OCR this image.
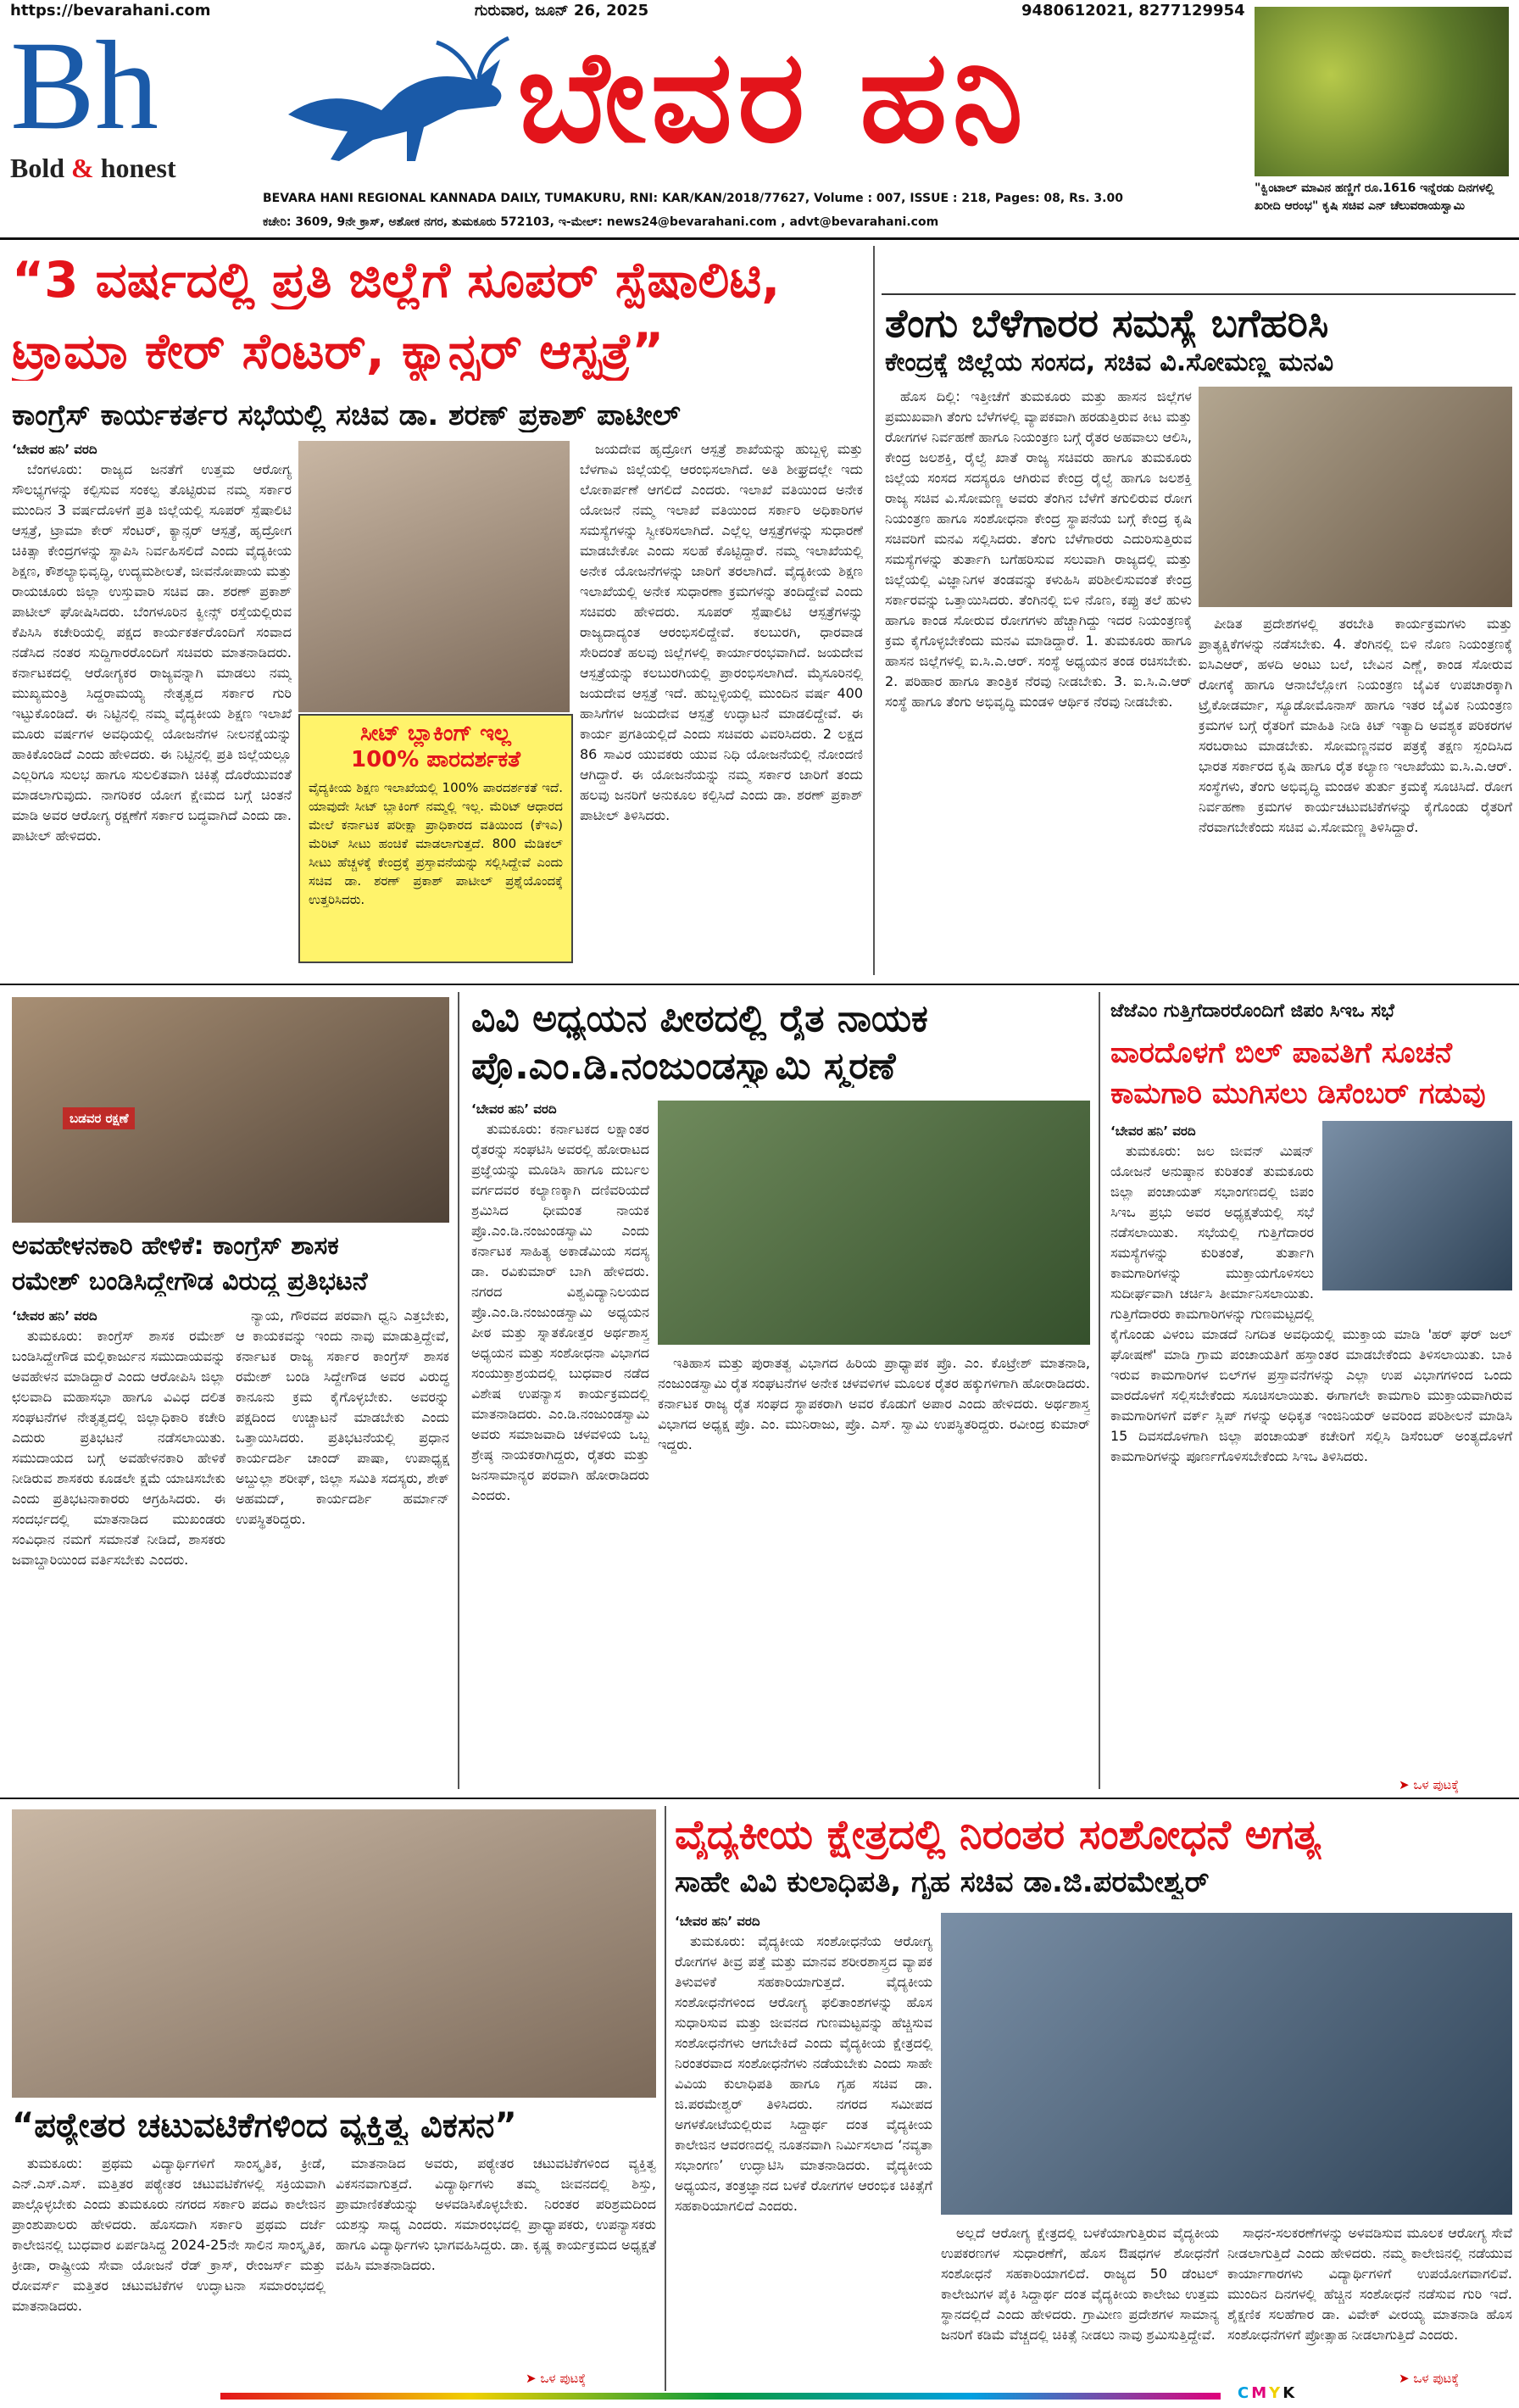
https://bevarahani.com	ಗುರುವಾರ, ಜೂನ್ 26, 2025	9480612021, 8277129954
Bh
Bold & honest	ಬೇವರ ಹನಿ
BEVARA HANI REGIONAL KANNADA DAILY, TUMAKURU, RNI: KAR/KAN/2018/77627, Volume : 007, ISSUE : 218, Pages: 08, Rs. 3.00
ಕಚೇರಿ: 3609, 9ನೇ ಕ್ರಾಸ್, ಅಶೋಕ ನಗರ, ತುಮಕೂರು 572103, ಇ-ಮೇಲ್: news24@bevarahani.com , advt@bevarahani.com
"ಕ್ವಿಂಟಾಲ್ ಮಾವಿನ ಹಣ್ಣಿಗೆ ರೂ.1616 ಇನ್ನೆರಡು ದಿನಗಳಲ್ಲಿ ಖರೀದಿ ಆರಂಭ" ಕೃಷಿ ಸಚಿವ ಎನ್ ಚೆಲುವರಾಯಸ್ವಾಮಿ
“3 ವರ್ಷದಲ್ಲಿ ಪ್ರತಿ ಜಿಲ್ಲೆಗೆ ಸೂಪರ್ ಸ್ಪೆಷಾಲಿಟಿ,
ಟ್ರಾಮಾ ಕೇರ್ ಸೆಂಟರ್, ಕ್ಯಾನ್ಸರ್ ಆಸ್ಪತ್ರೆ”
ಕಾಂಗ್ರೆಸ್ ಕಾರ್ಯಕರ್ತರ ಸಭೆಯಲ್ಲಿ ಸಚಿವ ಡಾ. ಶರಣ್ ಪ್ರಕಾಶ್ ಪಾಟೀಲ್
‘ಬೇವರ ಹನಿ’ ವರದಿ

ಬೆಂಗಳೂರು: ರಾಜ್ಯದ ಜನತೆಗೆ ಉತ್ತಮ ಆರೋಗ್ಯ ಸೌಲಭ್ಯಗಳನ್ನು ಕಲ್ಪಿಸುವ ಸಂಕಲ್ಪ ತೊಟ್ಟಿರುವ ನಮ್ಮ ಸರ್ಕಾರ ಮುಂದಿನ 3 ವರ್ಷದೊಳಗೆ ಪ್ರತಿ ಜಿಲ್ಲೆಯಲ್ಲಿ ಸೂಪರ್ ಸ್ಪೆಷಾಲಿಟಿ ಆಸ್ಪತ್ರೆ, ಟ್ರಾಮಾ ಕೇರ್ ಸೆಂಟರ್, ಕ್ಯಾನ್ಸರ್ ಆಸ್ಪತ್ರೆ, ಹೃದ್ರೋಗ ಚಿಕಿತ್ಸಾ ಕೇಂದ್ರಗಳನ್ನು ಸ್ಥಾಪಿಸಿ ನಿರ್ವಹಿಸಲಿದೆ ಎಂದು ವೈದ್ಯಕೀಯ ಶಿಕ್ಷಣ, ಕೌಶಲ್ಯಾಭಿವೃದ್ಧಿ, ಉದ್ಯಮಶೀಲತೆ, ಜೀವನೋಪಾಯ ಮತ್ತು ರಾಯಚೂರು ಜಿಲ್ಲಾ ಉಸ್ತುವಾರಿ ಸಚಿವ ಡಾ. ಶರಣ್ ಪ್ರಕಾಶ್ ಪಾಟೀಲ್ ಘೋಷಿಸಿದರು. ಬೆಂಗಳೂರಿನ ಕ್ವೀನ್ಸ್ ರಸ್ತೆಯಲ್ಲಿರುವ ಕೆಪಿಸಿಸಿ ಕಚೇರಿಯಲ್ಲಿ ಪಕ್ಷದ ಕಾರ್ಯಕರ್ತರೊಂದಿಗೆ ಸಂವಾದ ನಡೆಸಿದ ನಂತರ ಸುದ್ದಿಗಾರರೊಂದಿಗೆ ಸಚಿವರು ಮಾತನಾಡಿದರು. ಕರ್ನಾಟಕದಲ್ಲಿ ಆರೋಗ್ಯಕರ ರಾಜ್ಯವನ್ನಾಗಿ ಮಾಡಲು ನಮ್ಮ ಮುಖ್ಯಮಂತ್ರಿ ಸಿದ್ದರಾಮಯ್ಯ ನೇತೃತ್ವದ ಸರ್ಕಾರ ಗುರಿ ಇಟ್ಟುಕೊಂಡಿದೆ. ಈ ನಿಟ್ಟಿನಲ್ಲಿ ನಮ್ಮ ವೈದ್ಯಕೀಯ ಶಿಕ್ಷಣ ಇಲಾಖೆ ಮೂರು ವರ್ಷಗಳ ಅವಧಿಯಲ್ಲಿ ಯೋಜನೆಗಳ ನೀಲನಕ್ಷೆಯನ್ನು ಹಾಕಿಕೊಂಡಿದೆ ಎಂದು ಹೇಳಿದರು. ಈ ನಿಟ್ಟಿನಲ್ಲಿ ಪ್ರತಿ ಜಿಲ್ಲೆಯಲ್ಲೂ ಎಲ್ಲರಿಗೂ ಸುಲಭ ಹಾಗೂ ಸುಲಲಿತವಾಗಿ ಚಿಕಿತ್ಸೆ ದೊರೆಯುವಂತೆ ಮಾಡಲಾಗುವುದು. ನಾಗರಿಕರ ಯೋಗ ಕ್ಷೇಮದ ಬಗ್ಗೆ ಚಿಂತನೆ ಮಾಡಿ ಅವರ ಆರೋಗ್ಯ ರಕ್ಷಣೆಗೆ ಸರ್ಕಾರ ಬದ್ಧವಾಗಿದೆ ಎಂದು ಡಾ. ಪಾಟೀಲ್ ಹೇಳಿದರು.

ಸೀಟ್ ಬ್ಲಾಕಿಂಗ್ ಇಲ್ಲ
100% ಪಾರದರ್ಶಕತೆ
ವೈದ್ಯಕೀಯ ಶಿಕ್ಷಣ ಇಲಾಖೆಯಲ್ಲಿ 100% ಪಾರದರ್ಶಕತೆ ಇದೆ. ಯಾವುದೇ ಸೀಟ್ ಬ್ಲಾಕಿಂಗ್ ನಮ್ಮಲ್ಲಿ ಇಲ್ಲ. ಮೆರಿಟ್ ಆಧಾರದ ಮೇಲೆ ಕರ್ನಾಟಕ ಪರೀಕ್ಷಾ ಪ್ರಾಧಿಕಾರದ ವತಿಯಿಂದ (ಕೆಇಎ) ಮೆರಿಟ್ ಸೀಟು ಹಂಚಿಕೆ ಮಾಡಲಾಗುತ್ತದೆ. 800 ಮೆಡಿಕಲ್ ಸೀಟು ಹೆಚ್ಚಳಕ್ಕೆ ಕೇಂದ್ರಕ್ಕೆ ಪ್ರಸ್ತಾವನೆಯನ್ನು ಸಲ್ಲಿಸಿದ್ದೇವೆ ಎಂದು ಸಚಿವ ಡಾ. ಶರಣ್ ಪ್ರಕಾಶ್ ಪಾಟೀಲ್ ಪ್ರಶ್ನೆಯೊಂದಕ್ಕೆ ಉತ್ತರಿಸಿದರು.

ಜಯದೇವ ಹೃದ್ರೋಗ ಆಸ್ಪತ್ರೆ ಶಾಖೆಯನ್ನು ಹುಬ್ಬಳ್ಳಿ ಮತ್ತು ಬೆಳಗಾವಿ ಜಿಲ್ಲೆಯಲ್ಲಿ ಆರಂಭಿಸಲಾಗಿದೆ. ಅತಿ ಶೀಘ್ರದಲ್ಲೇ ಇದು ಲೋಕಾರ್ಪಣೆ ಆಗಲಿದೆ ಎಂದರು. ಇಲಾಖೆ ವತಿಯಿಂದ ಅನೇಕ ಯೋಜನೆ ನಮ್ಮ ಇಲಾಖೆ ವತಿಯಿಂದ ಸರ್ಕಾರಿ ಅಧಿಕಾರಿಗಳ ಸಮಸ್ಯೆಗಳನ್ನು ಸ್ವೀಕರಿಸಲಾಗಿದೆ. ಎಲ್ಲೆಲ್ಲ ಆಸ್ಪತ್ರೆಗಳನ್ನು ಸುಧಾರಣೆ ಮಾಡಬೇಕೋ ಎಂದು ಸಲಹೆ ಕೊಟ್ಟಿದ್ದಾರೆ. ನಮ್ಮ ಇಲಾಖೆಯಲ್ಲಿ ಅನೇಕ ಯೋಜನೆಗಳನ್ನು ಜಾರಿಗೆ ತರಲಾಗಿದೆ. ವೈದ್ಯಕೀಯ ಶಿಕ್ಷಣ ಇಲಾಖೆಯಲ್ಲಿ ಅನೇಕ ಸುಧಾರಣಾ ಕ್ರಮಗಳನ್ನು ತಂದಿದ್ದೇವೆ ಎಂದು ಸಚಿವರು ಹೇಳಿದರು. ಸೂಪರ್ ಸ್ಪೆಷಾಲಿಟಿ ಆಸ್ಪತ್ರೆಗಳನ್ನು ರಾಜ್ಯದಾದ್ಯಂತ ಆರಂಭಿಸಲಿದ್ದೇವೆ. ಕಲಬುರಗಿ, ಧಾರವಾಡ ಸೇರಿದಂತೆ ಹಲವು ಜಿಲ್ಲೆಗಳಲ್ಲಿ ಕಾರ್ಯಾರಂಭವಾಗಿದೆ. ಜಯದೇವ ಆಸ್ಪತ್ರೆಯನ್ನು ಕಲಬುರಗಿಯಲ್ಲಿ ಪ್ರಾರಂಭಿಸಲಾಗಿದೆ. ಮೈಸೂರಿನಲ್ಲಿ ಜಯದೇವ ಆಸ್ಪತ್ರೆ ಇದೆ. ಹುಬ್ಬಳ್ಳಿಯಲ್ಲಿ ಮುಂದಿನ ವರ್ಷ 400 ಹಾಸಿಗೆಗಳ ಜಯದೇವ ಆಸ್ಪತ್ರೆ ಉದ್ಘಾಟನೆ ಮಾಡಲಿದ್ದೇವೆ. ಈ ಕಾರ್ಯ ಪ್ರಗತಿಯಲ್ಲಿದೆ ಎಂದು ಸಚಿವರು ವಿವರಿಸಿದರು. 2 ಲಕ್ಷದ 86 ಸಾವಿರ ಯುವಕರು ಯುವ ನಿಧಿ ಯೋಜನೆಯಲ್ಲಿ ನೋಂದಣಿ ಆಗಿದ್ದಾರೆ. ಈ ಯೋಜನೆಯನ್ನು ನಮ್ಮ ಸರ್ಕಾರ ಜಾರಿಗೆ ತಂದು ಹಲವು ಜನರಿಗೆ ಅನುಕೂಲ ಕಲ್ಪಿಸಿದೆ ಎಂದು ಡಾ. ಶರಣ್ ಪ್ರಕಾಶ್ ಪಾಟೀಲ್ ತಿಳಿಸಿದರು.

ತೆಂಗು ಬೆಳೆಗಾರರ ಸಮಸ್ಯೆ ಬಗೆಹರಿಸಿ
ಕೇಂದ್ರಕ್ಕೆ ಜಿಲ್ಲೆಯ ಸಂಸದ, ಸಚಿವ ವಿ.ಸೋಮಣ್ಣ ಮನವಿ

ಹೊಸ ದಿಲ್ಲಿ: ಇತ್ತೀಚೆಗೆ ತುಮಕೂರು ಮತ್ತು ಹಾಸನ ಜಿಲ್ಲೆಗಳ ಪ್ರಮುಖವಾಗಿ ತೆಂಗು ಬೆಳೆಗಳಲ್ಲಿ ವ್ಯಾಪಕವಾಗಿ ಹರಡುತ್ತಿರುವ ಕೀಟ ಮತ್ತು ರೋಗಗಳ ನಿರ್ವಹಣೆ ಹಾಗೂ ನಿಯಂತ್ರಣ ಬಗ್ಗೆ ರೈತರ ಅಹವಾಲು ಆಲಿಸಿ, ಕೇಂದ್ರ ಜಲಶಕ್ತಿ, ರೈಲ್ವೆ ಖಾತೆ ರಾಜ್ಯ ಸಚಿವರು ಹಾಗೂ ತುಮಕೂರು ಜಿಲ್ಲೆಯ ಸಂಸದ ಸದಸ್ಯರೂ ಆಗಿರುವ ಕೇಂದ್ರ ರೈಲ್ವೆ ಹಾಗೂ ಜಲಶಕ್ತಿ ರಾಜ್ಯ ಸಚಿವ ವಿ.ಸೋಮಣ್ಣ ಅವರು ತೆಂಗಿನ ಬೆಳೆಗೆ ತಗುಲಿರುವ ರೋಗ ನಿಯಂತ್ರಣ ಹಾಗೂ ಸಂಶೋಧನಾ ಕೇಂದ್ರ ಸ್ಥಾಪನೆಯ ಬಗ್ಗೆ ಕೇಂದ್ರ ಕೃಷಿ ಸಚಿವರಿಗೆ ಮನವಿ ಸಲ್ಲಿಸಿದರು. ತೆಂಗು ಬೆಳೆಗಾರರು ಎದುರಿಸುತ್ತಿರುವ ಸಮಸ್ಯೆಗಳನ್ನು ತುರ್ತಾಗಿ ಬಗೆಹರಿಸುವ ಸಲುವಾಗಿ ರಾಜ್ಯದಲ್ಲಿ ಮತ್ತು ಜಿಲ್ಲೆಯಲ್ಲಿ ವಿಜ್ಞಾನಿಗಳ ತಂಡವನ್ನು ಕಳುಹಿಸಿ ಪರಿಶೀಲಿಸುವಂತೆ ಕೇಂದ್ರ ಸರ್ಕಾರವನ್ನು ಒತ್ತಾಯಿಸಿದರು. ತೆಂಗಿನಲ್ಲಿ ಬಿಳಿ ನೊಣ, ಕಪ್ಪು ತಲೆ ಹುಳು ಹಾಗೂ ಕಾಂಡ ಸೋರುವ ರೋಗಗಳು ಹೆಚ್ಚಾಗಿದ್ದು ಇದರ ನಿಯಂತ್ರಣಕ್ಕೆ ಕ್ರಮ ಕೈಗೊಳ್ಳಬೇಕೆಂದು ಮನವಿ ಮಾಡಿದ್ದಾರೆ. 1. ತುಮಕೂರು ಹಾಗೂ ಹಾಸನ ಜಿಲ್ಲೆಗಳಲ್ಲಿ ಐ.ಸಿ.ಎ.ಆರ್. ಸಂಸ್ಥೆ ಅಧ್ಯಯನ ತಂಡ ರಚಿಸಬೇಕು. 2. ಪರಿಹಾರ ಹಾಗೂ ತಾಂತ್ರಿಕ ನೆರವು ನೀಡಬೇಕು. 3. ಐ.ಸಿ.ಎ.ಆರ್ ಸಂಸ್ಥೆ ಹಾಗೂ ತೆಂಗು ಅಭಿವೃದ್ಧಿ ಮಂಡಳಿ ಆರ್ಥಿಕ ನೆರವು ನೀಡಬೇಕು.

ಪೀಡಿತ ಪ್ರದೇಶಗಳಲ್ಲಿ ತರಬೇತಿ ಕಾರ್ಯಕ್ರಮಗಳು ಮತ್ತು ಪ್ರಾತ್ಯಕ್ಷಿಕೆಗಳನ್ನು ನಡೆಸಬೇಕು. 4. ತೆಂಗಿನಲ್ಲಿ ಬಿಳಿ ನೊಣ ನಿಯಂತ್ರಣಕ್ಕೆ ಐಸಿಎಆರ್, ಹಳದಿ ಅಂಟು ಬಲೆ, ಬೇವಿನ ಎಣ್ಣೆ, ಕಾಂಡ ಸೋರುವ ರೋಗಕ್ಕೆ ಹಾಗೂ ಆನಾಬೆಲ್ಲೋಗ ನಿಯಂತ್ರಣ ಜೈವಿಕ ಉಪಚಾರಕ್ಕಾಗಿ ಟ್ರೈಕೋಡರ್ಮಾ, ಸ್ಯೂಡೋಮೊನಾಸ್ ಹಾಗೂ ಇತರ ಜೈವಿಕ ನಿಯಂತ್ರಣ ಕ್ರಮಗಳ ಬಗ್ಗೆ ರೈತರಿಗೆ ಮಾಹಿತಿ ನೀಡಿ ಕಿಟ್ ಇತ್ಯಾದಿ ಅವಶ್ಯಕ ಪರಿಕರಗಳ ಸರಬರಾಜು ಮಾಡಬೇಕು. ಸೋಮಣ್ಣನವರ ಪತ್ರಕ್ಕೆ ತಕ್ಷಣ ಸ್ಪಂದಿಸಿದ ಭಾರತ ಸರ್ಕಾರದ ಕೃಷಿ ಹಾಗೂ ರೈತ ಕಲ್ಯಾಣ ಇಲಾಖೆಯು ಐ.ಸಿ.ಎ.ಆರ್. ಸಂಸ್ಥೆಗಳು, ತೆಂಗು ಅಭಿವೃದ್ಧಿ ಮಂಡಳಿ ತುರ್ತು ಕ್ರಮಕ್ಕೆ ಸೂಚಿಸಿದೆ. ರೋಗ ನಿರ್ವಹಣಾ ಕ್ರಮಗಳ ಕಾರ್ಯಚಟುವಟಿಕೆಗಳನ್ನು ಕೈಗೊಂಡು ರೈತರಿಗೆ ನೆರವಾಗಬೇಕೆಂದು ಸಚಿವ ವಿ.ಸೋಮಣ್ಣ ತಿಳಿಸಿದ್ದಾರೆ.

ಬಡವರ ರಕ್ಷಣೆ
ಅವಹೇಳನಕಾರಿ ಹೇಳಿಕೆ: ಕಾಂಗ್ರೆಸ್ ಶಾಸಕ
ರಮೇಶ್ ಬಂಡಿಸಿದ್ದೇಗೌಡ ವಿರುದ್ಧ ಪ್ರತಿಭಟನೆ
‘ಬೇವರ ಹನಿ’ ವರದಿ

ತುಮಕೂರು: ಕಾಂಗ್ರೆಸ್ ಶಾಸಕ ರಮೇಶ್ ಬಂಡಿಸಿದ್ದೇಗೌಡ ಮಲ್ಲಿಕಾರ್ಜುನ ಸಮುದಾಯವನ್ನು ಅವಹೇಳನ ಮಾಡಿದ್ದಾರೆ ಎಂದು ಆರೋಪಿಸಿ ಜಿಲ್ಲಾ ಛಲವಾದಿ ಮಹಾಸಭಾ ಹಾಗೂ ವಿವಿಧ ದಲಿತ ಸಂಘಟನೆಗಳ ನೇತೃತ್ವದಲ್ಲಿ ಜಿಲ್ಲಾಧಿಕಾರಿ ಕಚೇರಿ ಎದುರು ಪ್ರತಿಭಟನೆ ನಡೆಸಲಾಯಿತು. ಸಮುದಾಯದ ಬಗ್ಗೆ ಅವಹೇಳನಕಾರಿ ಹೇಳಿಕೆ ನೀಡಿರುವ ಶಾಸಕರು ಕೂಡಲೇ ಕ್ಷಮೆ ಯಾಚಿಸಬೇಕು ಎಂದು ಪ್ರತಿಭಟನಾಕಾರರು ಆಗ್ರಹಿಸಿದರು. ಈ ಸಂದರ್ಭದಲ್ಲಿ ಮಾತನಾಡಿದ ಮುಖಂಡರು ಸಂವಿಧಾನ ನಮಗೆ ಸಮಾನತೆ ನೀಡಿದೆ, ಶಾಸಕರು ಜವಾಬ್ದಾರಿಯಿಂದ ವರ್ತಿಸಬೇಕು ಎಂದರು.

ನ್ಯಾಯ, ಗೌರವದ ಪರವಾಗಿ ಧ್ವನಿ ಎತ್ತಬೇಕು, ಆ ಕಾಯಕವನ್ನು ಇಂದು ನಾವು ಮಾಡುತ್ತಿದ್ದೇವೆ, ಕರ್ನಾಟಕ ರಾಜ್ಯ ಸರ್ಕಾರ ಕಾಂಗ್ರೆಸ್ ಶಾಸಕ ರಮೇಶ್ ಬಂಡಿ ಸಿದ್ದೇಗೌಡ ಅವರ ವಿರುದ್ಧ ಕಾನೂನು ಕ್ರಮ ಕೈಗೊಳ್ಳಬೇಕು. ಅವರನ್ನು ಪಕ್ಷದಿಂದ ಉಚ್ಚಾಟನೆ ಮಾಡಬೇಕು ಎಂದು ಒತ್ತಾಯಿಸಿದರು. ಪ್ರತಿಭಟನೆಯಲ್ಲಿ ಪ್ರಧಾನ ಕಾರ್ಯದರ್ಶಿ ಚಾಂದ್ ಪಾಷಾ, ಉಪಾಧ್ಯಕ್ಷ ಅಬ್ದುಲ್ಲಾ ಶರೀಫ್, ಜಿಲ್ಲಾ ಸಮಿತಿ ಸದಸ್ಯರು, ಶೇಕ್ ಅಹಮದ್, ಕಾರ್ಯದರ್ಶಿ ಹರ್ಮಾನ್ ಉಪಸ್ಥಿತರಿದ್ದರು.

ವಿವಿ ಅಧ್ಯಯನ ಪೀಠದಲ್ಲಿ ರೈತ ನಾಯಕ
ಪ್ರೊ.ಎಂ.ಡಿ.ನಂಜುಂಡಸ್ವಾಮಿ ಸ್ಮರಣೆ
‘ಬೇವರ ಹನಿ’ ವರದಿ

ತುಮಕೂರು: ಕರ್ನಾಟಕದ ಲಕ್ಷಾಂತರ ರೈತರನ್ನು ಸಂಘಟಿಸಿ ಅವರಲ್ಲಿ ಹೋರಾಟದ ಪ್ರಜ್ಞೆಯನ್ನು ಮೂಡಿಸಿ ಹಾಗೂ ದುರ್ಬಲ ವರ್ಗದವರ ಕಲ್ಯಾಣಕ್ಕಾಗಿ ದಣಿವರಿಯದೆ ಶ್ರಮಿಸಿದ ಧೀಮಂತ ನಾಯಕ ಪ್ರೊ.ಎಂ.ಡಿ.ನಂಜುಂಡಸ್ವಾಮಿ ಎಂದು ಕರ್ನಾಟಕ ಸಾಹಿತ್ಯ ಅಕಾಡೆಮಿಯ ಸದಸ್ಯ ಡಾ. ರವಿಕುಮಾರ್ ಬಾಗಿ ಹೇಳಿದರು. ನಗರದ ವಿಶ್ವವಿದ್ಯಾನಿಲಯದ ಪ್ರೊ.ಎಂ.ಡಿ.ನಂಜುಂಡಸ್ವಾಮಿ ಅಧ್ಯಯನ ಪೀಠ ಮತ್ತು ಸ್ನಾತಕೋತ್ತರ ಅರ್ಥಶಾಸ್ತ್ರ ಅಧ್ಯಯನ ಮತ್ತು ಸಂಶೋಧನಾ ವಿಭಾಗದ ಸಂಯುಕ್ತಾಶ್ರಯದಲ್ಲಿ ಬುಧವಾರ ನಡೆದ ವಿಶೇಷ ಉಪನ್ಯಾಸ ಕಾರ್ಯಕ್ರಮದಲ್ಲಿ ಮಾತನಾಡಿದರು. ಎಂ.ಡಿ.ನಂಜುಂಡಸ್ವಾಮಿ ಅವರು ಸಮಾಜವಾದಿ ಚಳವಳಿಯ ಒಬ್ಬ ಶ್ರೇಷ್ಠ ನಾಯಕರಾಗಿದ್ದರು, ರೈತರು ಮತ್ತು ಜನಸಾಮಾನ್ಯರ ಪರವಾಗಿ ಹೋರಾಡಿದರು ಎಂದರು.

ಇತಿಹಾಸ ಮತ್ತು ಪುರಾತತ್ವ ವಿಭಾಗದ ಹಿರಿಯ ಪ್ರಾಧ್ಯಾಪಕ ಪ್ರೊ. ಎಂ. ಕೊಟ್ರೇಶ್ ಮಾತನಾಡಿ, ನಂಜುಂಡಸ್ವಾಮಿ ರೈತ ಸಂಘಟನೆಗಳ ಅನೇಕ ಚಳವಳಿಗಳ ಮೂಲಕ ರೈತರ ಹಕ್ಕುಗಳಿಗಾಗಿ ಹೋರಾಡಿದರು. ಕರ್ನಾಟಕ ರಾಜ್ಯ ರೈತ ಸಂಘದ ಸ್ಥಾಪಕರಾಗಿ ಅವರ ಕೊಡುಗೆ ಅಪಾರ ಎಂದು ಹೇಳಿದರು. ಅರ್ಥಶಾಸ್ತ್ರ ವಿಭಾಗದ ಅಧ್ಯಕ್ಷ ಪ್ರೊ. ಎಂ. ಮುನಿರಾಜು, ಪ್ರೊ. ಎಸ್. ಸ್ವಾಮಿ ಉಪಸ್ಥಿತರಿದ್ದರು. ರವೀಂದ್ರ ಕುಮಾರ್ ಇದ್ದರು.

ಜೆಜೆಎಂ ಗುತ್ತಿಗೆದಾರರೊಂದಿಗೆ ಜಿಪಂ ಸಿಇಒ ಸಭೆ
ವಾರದೊಳಗೆ ಬಿಲ್ ಪಾವತಿಗೆ ಸೂಚನೆ
ಕಾಮಗಾರಿ ಮುಗಿಸಲು ಡಿಸೆಂಬರ್ ಗಡುವು
‘ಬೇವರ ಹನಿ’ ವರದಿ

ತುಮಕೂರು: ಜಲ ಜೀವನ್ ಮಿಷನ್ ಯೋಜನೆ ಅನುಷ್ಠಾನ ಕುರಿತಂತೆ ತುಮಕೂರು ಜಿಲ್ಲಾ ಪಂಚಾಯತ್ ಸಭಾಂಗಣದಲ್ಲಿ ಜಿಪಂ ಸಿಇಒ ಪ್ರಭು ಅವರ ಅಧ್ಯಕ್ಷತೆಯಲ್ಲಿ ಸಭೆ ನಡೆಸಲಾಯಿತು. ಸಭೆಯಲ್ಲಿ ಗುತ್ತಿಗೆದಾರರ ಸಮಸ್ಯೆಗಳನ್ನು ಕುರಿತಂತೆ, ತುರ್ತಾಗಿ ಕಾಮಗಾರಿಗಳನ್ನು ಮುಕ್ತಾಯಗೊಳಿಸಲು ಸುದೀರ್ಘವಾಗಿ ಚರ್ಚಿಸಿ ತೀರ್ಮಾನಿಸಲಾಯಿತು. ಗುತ್ತಿಗೆದಾರರು ಕಾಮಗಾರಿಗಳನ್ನು ಗುಣಮಟ್ಟದಲ್ಲಿ ಕೈಗೊಂಡು ವಿಳಂಬ ಮಾಡದೆ ನಿಗದಿತ ಅವಧಿಯಲ್ಲಿ ಮುಕ್ತಾಯ ಮಾಡಿ 'ಹರ್ ಘರ್ ಜಲ್ ಘೋಷಣೆ' ಮಾಡಿ ಗ್ರಾಮ ಪಂಚಾಯತಿಗೆ ಹಸ್ತಾಂತರ ಮಾಡಬೇಕೆಂದು ತಿಳಿಸಲಾಯಿತು. ಬಾಕಿ ಇರುವ ಕಾಮಗಾರಿಗಳ ಬಿಲ್‌ಗಳ ಪ್ರಸ್ತಾವನೆಗಳನ್ನು ಎಲ್ಲಾ ಉಪ ವಿಭಾಗಗಳಿಂದ ಒಂದು ವಾರದೊಳಗೆ ಸಲ್ಲಿಸಬೇಕೆಂದು ಸೂಚಿಸಲಾಯಿತು. ಈಗಾಗಲೇ ಕಾಮಗಾರಿ ಮುಕ್ತಾಯವಾಗಿರುವ ಕಾಮಗಾರಿಗಳಿಗೆ ವರ್ಕ್ ಸ್ಲಿಪ್ ಗಳನ್ನು ಅಧಿಕೃತ ಇಂಜಿನಿಯರ್ ಅವರಿಂದ ಪರಿಶೀಲನೆ ಮಾಡಿಸಿ 15 ದಿವಸದೊಳಗಾಗಿ ಜಿಲ್ಲಾ ಪಂಚಾಯತ್ ಕಚೇರಿಗೆ ಸಲ್ಲಿಸಿ ಡಿಸೆಂಬರ್ ಅಂತ್ಯದೊಳಗೆ ಕಾಮಗಾರಿಗಳನ್ನು ಪೂರ್ಣಗೊಳಿಸಬೇಕೆಂದು ಸಿಇಒ ತಿಳಿಸಿದರು.

➤ ಒಳ ಪುಟಕ್ಕೆ
“ಪಠ್ಯೇತರ ಚಟುವಟಿಕೆಗಳಿಂದ ವ್ಯಕ್ತಿತ್ವ ವಿಕಸನ”

ತುಮಕೂರು: ಪ್ರಥಮ ವಿದ್ಯಾರ್ಥಿಗಳಿಗೆ ಸಾಂಸ್ಕೃತಿಕ, ಕ್ರೀಡೆ, ಎನ್.ಎಸ್.ಎಸ್. ಮತ್ತಿತರ ಪಠ್ಯೇತರ ಚಟುವಟಿಕೆಗಳಲ್ಲಿ ಸಕ್ರಿಯವಾಗಿ ಪಾಲ್ಗೊಳ್ಳಬೇಕು ಎಂದು ತುಮಕೂರು ನಗರದ ಸರ್ಕಾರಿ ಪದವಿ ಕಾಲೇಜಿನ ಪ್ರಾಂಶುಪಾಲರು ಹೇಳಿದರು. ಹೊಸದಾಗಿ ಸರ್ಕಾರಿ ಪ್ರಥಮ ದರ್ಜೆ ಕಾಲೇಜಿನಲ್ಲಿ ಬುಧವಾರ ಏರ್ಪಡಿಸಿದ್ದ 2024-25ನೇ ಸಾಲಿನ ಸಾಂಸ್ಕೃತಿಕ, ಕ್ರೀಡಾ, ರಾಷ್ಟ್ರೀಯ ಸೇವಾ ಯೋಜನೆ ರೆಡ್ ಕ್ರಾಸ್, ರೇಂಜರ್ಸ್ ಮತ್ತು ರೋವರ್ಸ್ ಮತ್ತಿತರ ಚಟುವಟಿಕೆಗಳ ಉದ್ಘಾಟನಾ ಸಮಾರಂಭದಲ್ಲಿ ಮಾತನಾಡಿದರು.

ಮಾತನಾಡಿದ ಅವರು, ಪಠ್ಯೇತರ ಚಟುವಟಿಕೆಗಳಿಂದ ವ್ಯಕ್ತಿತ್ವ ವಿಕಸನವಾಗುತ್ತದೆ. ವಿದ್ಯಾರ್ಥಿಗಳು ತಮ್ಮ ಜೀವನದಲ್ಲಿ ಶಿಸ್ತು, ಪ್ರಾಮಾಣಿಕತೆಯನ್ನು ಅಳವಡಿಸಿಕೊಳ್ಳಬೇಕು. ನಿರಂತರ ಪರಿಶ್ರಮದಿಂದ ಯಶಸ್ಸು ಸಾಧ್ಯ ಎಂದರು. ಸಮಾರಂಭದಲ್ಲಿ ಪ್ರಾಧ್ಯಾಪಕರು, ಉಪನ್ಯಾಸಕರು ಹಾಗೂ ವಿದ್ಯಾರ್ಥಿಗಳು ಭಾಗವಹಿಸಿದ್ದರು. ಡಾ. ಕೃಷ್ಣ ಕಾರ್ಯಕ್ರಮದ ಅಧ್ಯಕ್ಷತೆ ವಹಿಸಿ ಮಾತನಾಡಿದರು.

➤ ಒಳ ಪುಟಕ್ಕೆ
ವೈದ್ಯಕೀಯ ಕ್ಷೇತ್ರದಲ್ಲಿ ನಿರಂತರ ಸಂಶೋಧನೆ ಅಗತ್ಯ
ಸಾಹೇ ವಿವಿ ಕುಲಾಧಿಪತಿ, ಗೃಹ ಸಚಿವ ಡಾ.ಜಿ.ಪರಮೇಶ್ವರ್
‘ಬೇವರ ಹನಿ’ ವರದಿ

ತುಮಕೂರು: ವೈದ್ಯಕೀಯ ಸಂಶೋಧನೆಯ ಆರೋಗ್ಯ ರೋಗಗಳ ತೀವ್ರ ಪತ್ತೆ ಮತ್ತು ಮಾನವ ಶರೀರಶಾಸ್ತ್ರದ ವ್ಯಾಪಕ ತಿಳುವಳಿಕೆ ಸಹಕಾರಿಯಾಗುತ್ತದೆ. ವೈದ್ಯಕೀಯ ಸಂಶೋಧನೆಗಳಿಂದ ಆರೋಗ್ಯ ಫಲಿತಾಂಶಗಳನ್ನು ಹೊಸ ಸುಧಾರಿಸುವ ಮತ್ತು ಜೀವನದ ಗುಣಮಟ್ಟವನ್ನು ಹೆಚ್ಚಿಸುವ ಸಂಶೋಧನೆಗಳು ಆಗಬೇಕಿದೆ ಎಂದು ವೈದ್ಯಕೀಯ ಕ್ಷೇತ್ರದಲ್ಲಿ ನಿರಂತರವಾದ ಸಂಶೋಧನೆಗಳು ನಡೆಯಬೇಕು ಎಂದು ಸಾಹೇ ವಿವಿಯ ಕುಲಾಧಿಪತಿ ಹಾಗೂ ಗೃಹ ಸಚಿವ ಡಾ. ಜಿ.ಪರಮೇಶ್ವರ್ ತಿಳಿಸಿದರು. ನಗರದ ಸಮೀಪದ ಅಗಳಕೋಟೆಯಲ್ಲಿರುವ ಸಿದ್ದಾರ್ಥ ದಂತ ವೈದ್ಯಕೀಯ ಕಾಲೇಜಿನ ಆವರಣದಲ್ಲಿ ನೂತನವಾಗಿ ನಿರ್ಮಿಸಲಾದ ‘ನವ್ಯತಾ ಸಭಾಂಗಣ’ ಉದ್ಘಾಟಿಸಿ ಮಾತನಾಡಿದರು. ವೈದ್ಯಕೀಯ ಅಧ್ಯಯನ, ತಂತ್ರಜ್ಞಾನದ ಬಳಕೆ ರೋಗಗಳ ಆರಂಭಿಕ ಚಿಕಿತ್ಸೆಗೆ ಸಹಕಾರಿಯಾಗಲಿದೆ ಎಂದರು.

ಅಲ್ಲದೆ ಆರೋಗ್ಯ ಕ್ಷೇತ್ರದಲ್ಲಿ ಬಳಕೆಯಾಗುತ್ತಿರುವ ವೈದ್ಯಕೀಯ ಉಪಕರಣಗಳ ಸುಧಾರಣೆಗೆ, ಹೊಸ ಔಷಧಗಳ ಶೋಧನೆಗೆ ಸಂಶೋಧನೆ ಸಹಕಾರಿಯಾಗಲಿದೆ. ರಾಜ್ಯದ 50 ಡೆಂಟಲ್ ಕಾಲೇಜುಗಳ ಪೈಕಿ ಸಿದ್ದಾರ್ಥ ದಂತ ವೈದ್ಯಕೀಯ ಕಾಲೇಜು ಉತ್ತಮ ಸ್ಥಾನದಲ್ಲಿದೆ ಎಂದು ಹೇಳಿದರು. ಗ್ರಾಮೀಣ ಪ್ರದೇಶಗಳ ಸಾಮಾನ್ಯ ಜನರಿಗೆ ಕಡಿಮೆ ವೆಚ್ಚದಲ್ಲಿ ಚಿಕಿತ್ಸೆ ನೀಡಲು ನಾವು ಶ್ರಮಿಸುತ್ತಿದ್ದೇವೆ.

ಸಾಧನ-ಸಲಕರಣೆಗಳನ್ನು ಅಳವಡಿಸುವ ಮೂಲಕ ಆರೋಗ್ಯ ಸೇವೆ ನೀಡಲಾಗುತ್ತಿದೆ ಎಂದು ಹೇಳಿದರು. ನಮ್ಮ ಕಾಲೇಜಿನಲ್ಲಿ ನಡೆಯುವ ಕಾರ್ಯಾಗಾರಗಳು ವಿದ್ಯಾರ್ಥಿಗಳಿಗೆ ಉಪಯೋಗವಾಗಲಿವೆ. ಮುಂದಿನ ದಿನಗಳಲ್ಲಿ ಹೆಚ್ಚಿನ ಸಂಶೋಧನೆ ನಡೆಸುವ ಗುರಿ ಇದೆ. ಶೈಕ್ಷಣಿಕ ಸಲಹೆಗಾರ ಡಾ. ವಿವೇಕ್ ವೀರಯ್ಯ ಮಾತನಾಡಿ ಹೊಸ ಸಂಶೋಧನೆಗಳಿಗೆ ಪ್ರೋತ್ಸಾಹ ನೀಡಲಾಗುತ್ತಿದೆ ಎಂದರು.

➤ ಒಳ ಪುಟಕ್ಕೆ
C M Y K
